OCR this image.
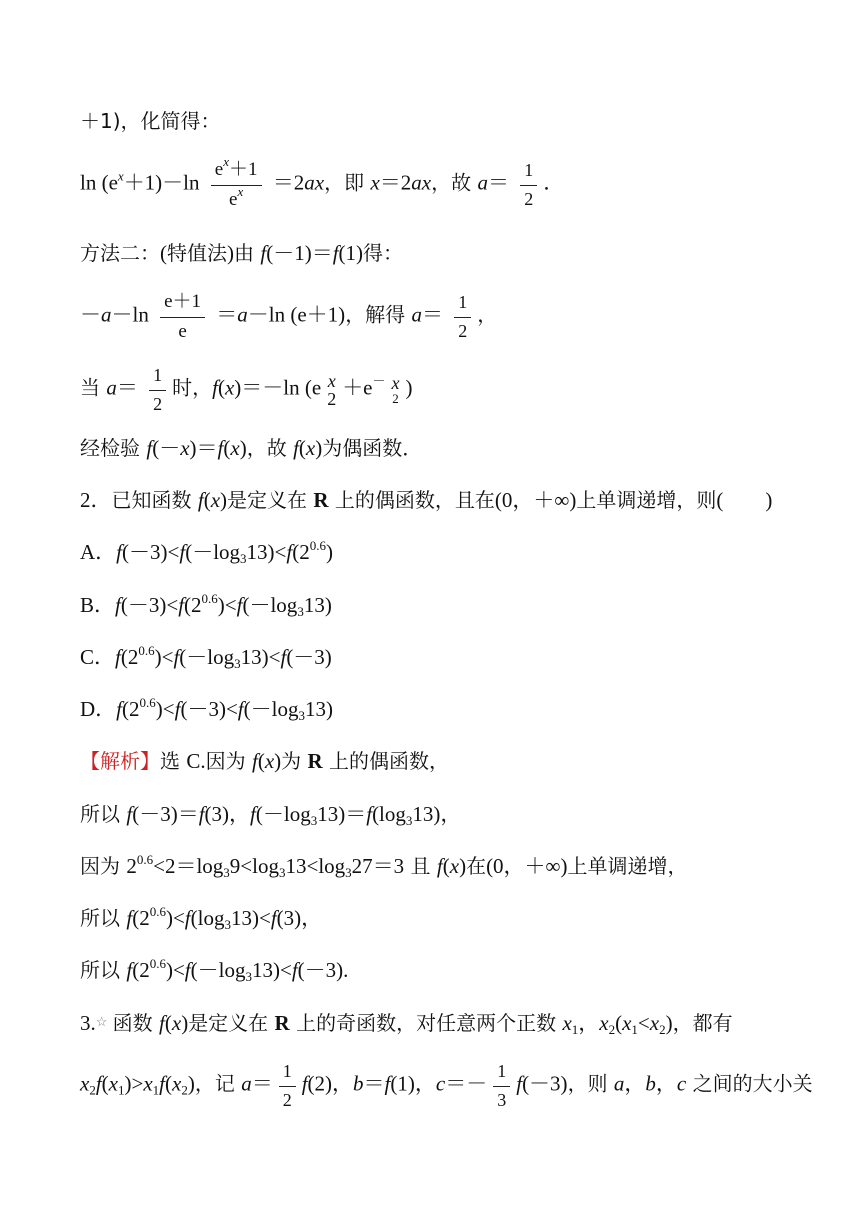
＋1)，化简得：
$\ln (e^x+1)-\ln \frac{e^x+1}{e^x} =2ax$，即 x＝2ax，故 $a= \frac{1}{2}$ ．
方法二：(特值法)由 f(－1)＝f(1)得：
$-a-\ln \frac{e+1}{e} =a-\ln$ (e＋1)，解得 $a= \frac{1}{2}$ ，
当 $a= \frac{1}{2}$ 时，f(x)＝－ln (e x
2 ＋e－ x
2 )
经检验 f(－x)＝f(x)，故 f(x)为偶函数．
2．已知函数 f(x)是定义在 R 上的偶函数，且在(0，＋∞)上单调递增，则(　　)
A．$f(-3)<f(-\log_313)<f(2^{0.6})$
B．$f(-3)<f(2^{0.6})<f(-\log_313)$
C．$f(2^{0.6})<f(-\log_313)<f(-3)$
D．$f(2^{0.6})<f(-3)<f(-\log_313)$
【解析】选 C.因为 f(x)为 R 上的偶函数，
所以 f(－3)＝f(3)，$f(-\log_313)=f(\log_313)$，
因为 $2^{0.6}<2=\log_39<\log_313<\log_327=3$ 且 f(x)在(0，＋∞)上单调递增，
所以 $f(2^{0.6})<f(\log_313)<f(3)$，
所以 $f(2^{0.6})<f(-\log_313)<f(-3)$.
3.☆ 函数 f(x)是定义在 R 上的奇函数，对任意两个正数 $x_1$，$x_2(x_1<x_2)$，都有
$x_2f(x_1)>x_1f(x_2)$，记 $a= \frac{1}{2} f(2)$，b＝f(1)，$c=- \frac{1}{3} f(-3)$，则 a，b，c 之间的大小关
